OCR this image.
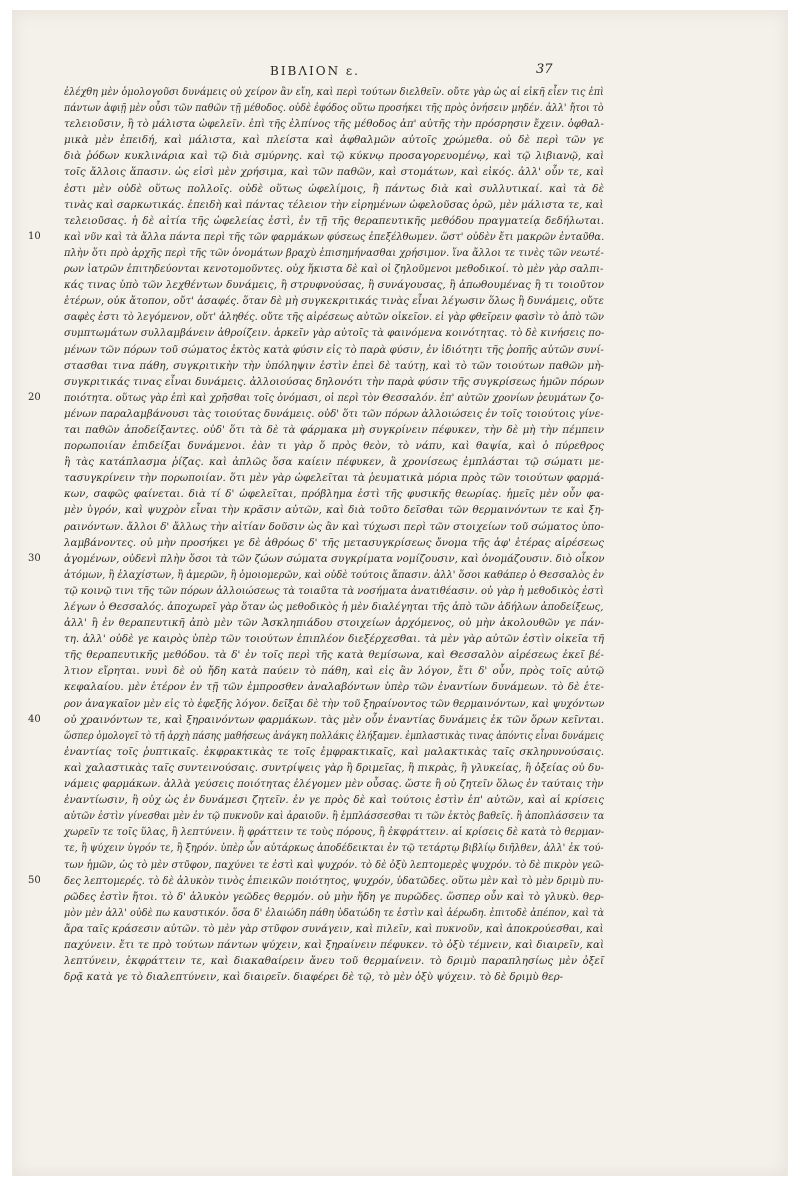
ΒΙΒΛΙΟΝ ε.	37
ἐλέχθη μὲν ὁμολογοῦσι δυνάμεις οὐ χείρον ἂν εἴη, καὶ περὶ τούτων διελθεῖν. οὔτε γὰρ ὡς αἱ εἰκῆ εἶεν τις ἐπὶ
πάντων ἀφιῇ μὲν οὖσι τῶν παθῶν τῇ μέθοδος. οὐδὲ ἐφόδος οὕτω προσήκει τῆς πρὸς ὀνήσειν μηδέν. ἀλλ' ἤτοι τὸ
τελειοῦσιν, ἢ τὸ μάλιστα ὠφελεῖν. ἐπὶ τῆς ἐλπίνος τῆς μέθοδος ἀπ' αὐτῆς τὴν πρόσρησιν ἔχειν. ὀφθαλ-
μικὰ μὲν ἐπειδή, καὶ μάλιστα, καὶ πλείστα καὶ ἀφθαλμῶν αὐτοῖς χρώμεθα. οὐ δὲ περὶ τῶν γε
διὰ ῥόδων κυκλινάρια καὶ τῷ διὰ σμύρνης. καὶ τῷ κύκνῳ προσαγορευομένῳ, καὶ τῷ λιβιανῷ, καὶ
τοῖς ἄλλοις ἅπασιν. ὡς εἰσὶ μὲν χρήσιμα, καὶ τῶν παθῶν, καὶ στομάτων, καὶ εἰκός. ἀλλ' οὖν τε, καὶ
ἑστι μὲν οὐδὲ οὕτως πολλοῖς. οὐδὲ οὕτως ὠφελίμοις, ἢ πάντως διὰ καὶ συλλυτικαί. καὶ τὰ δὲ
τινὰς καὶ σαρκωτικάς. ἐπειδὴ καὶ πάντας τέλειον τὴν εἰρημένων ὠφελοῦσας ὁρῶ, μὲν μάλιστα τε, καὶ
τελειοῦσας. ἡ δὲ αἰτία τῆς ὠφελείας ἐστὶ, ἐν τῇ τῆς θεραπευτικῆς μεθόδου πραγματείᾳ δεδήλωται.
10	καὶ νῦν καὶ τὰ ἄλλα πάντα περὶ τῆς τῶν φαρμάκων φύσεως ἐπεξέλθωμεν. ὥστ' οὐδὲν ἔτι μακρῶν ἐνταῦθα.
πλὴν ὅτι πρὸ ἀρχῆς περὶ τῆς τῶν ὀνομάτων βραχὺ ἐπισημήνασθαι χρήσιμον. ἵνα ἄλλοι τε τινὲς τῶν νεωτέ-
ρων ἰατρῶν ἐπιτηδεύονται κενοτομοῦντες. οὐχ ἥκιστα δὲ καὶ οἱ ζηλοῦμενοι μεθοδικοί. τὸ μὲν γὰρ σαλπι-
κάς τινας ὑπὸ τῶν λεχθέντων δυνάμεις, ἢ στρυφνούσας, ἢ συνάγουσας, ἢ ἀπωθουμένας ἢ τι τοιοῦτον
ἑτέρων, οὐκ ἄτοπον, οὔτ' ἀσαφές. ὅταν δὲ μὴ συγκεκριτικάς τινὰς εἶναι λέγωσιν ὅλως ἢ δυνάμεις, οὔτε
σαφὲς ἐστι τὸ λεγόμενον, οὔτ' ἀληθές. οὔτε τῆς αἱρέσεως αὐτῶν οἰκεῖον. εἰ γὰρ φθεῖρειν φασὶν τὸ ἀπὸ τῶν
συμπτωμάτων συλλαμβάνειν ἀθροίζειν. ἀρκεῖν γὰρ αὐτοῖς τὰ φαινόμενα κοινότητας. τὸ δὲ κινήσεις πο-
μένων τῶν πόρων τοῦ σώματος ἐκτὸς κατὰ φύσιν εἰς τὸ παρὰ φύσιν, ἐν ἰδιότητι τῆς ῥοπῆς αὐτῶν συνί-
στασθαι τινα πάθη, συγκριτικὴν τὴν ὑπόληψιν ἐστὶν ἐπεὶ δὲ ταύτῃ, καὶ τὸ τῶν τοιούτων παθῶν μὴ-
συγκριτικάς τινας εἶναι δυνάμεις. ἀλλοιούσας δηλονότι τὴν παρὰ φύσιν τῆς συγκρίσεως ἡμῶν πόρων
20	ποιότητα. οὕτως γὰρ ἐπὶ καὶ χρῆσθαι τοῖς ὀνόμασι, οἱ περὶ τὸν Θεσσαλόν. ἐπ' αὐτῶν χρονίων ῥευμάτων ζο-
μένων παραλαμβάνουσι τὰς τοιούτας δυνάμεις. οὐδ' ὅτι τῶν πόρων ἀλλοιώσεις ἐν τοῖς τοιούτοις γίνε-
ται παθῶν ἀποδείξαντες. οὐδ' ὅτι τὰ δὲ τὰ φάρμακα μὴ συγκρίνειν πέφυκεν, τὴν δὲ μὴ τὴν πέμπειν
πορωποιίαν ἐπιδείξαι δυνάμενοι. ἐὰν τι γὰρ ὅ πρὸς θεὸν, τὸ νάπυ, καὶ θαψία, καὶ ὁ πύρεθρος
ἢ τὰς κατάπλασμα ῥίζας. καὶ ἀπλῶς ὅσα καίειν πέφυκεν, ἃ χρονίσεως ἐμπλάσται τῷ σώματι με-
τασυγκρίνειν τὴν πορωποιίαν. ὅτι μὲν γὰρ ὠφελεῖται τὰ ῥευματικὰ μόρια πρὸς τῶν τοιούτων φαρμά-
κων, σαφῶς φαίνεται. διὰ τί δ' ὠφελεῖται, πρόβλημα ἐστὶ τῆς φυσικῆς θεωρίας. ἡμεῖς μὲν οὖν φα-
μὲν ὑγρόν, καὶ ψυχρὸν εἶναι τὴν κρᾶσιν αὐτῶν, καὶ διὰ τοῦτο δεῖσθαι τῶν θερμαινόντων τε καὶ ξη-
ραινόντων. ἄλλοι δ' ἄλλως τὴν αἰτίαν δοῦσιν ὡς ἂν καὶ τύχωσι περὶ τῶν στοιχείων τοῦ σώματος ὑπο-
λαμβάνοντες. οὐ μὴν προσήκει γε δὲ ἀθρόως δ' τῆς μετασυγκρίσεως ὄνομα τῆς ἀφ' ἑτέρας αἱρέσεως
30	ἀγομένων, οὐδενὶ πλὴν ὅσοι τὰ τῶν ζώων σώματα συγκρίματα νομίζουσιν, καὶ ὀνομάζουσιν. διὸ οἶκον
ἀτόμων, ἢ ἐλαχίστων, ἢ ἀμερῶν, ἢ ὁμοιομερῶν, καὶ οὐδὲ τούτοις ἅπασιν. ἀλλ' ὅσοι καθάπερ ὁ Θεσσαλὸς ἐν
τῷ κοινῷ τινι τῆς τῶν πόρων ἀλλοιώσεως τὰ τοιαῦτα τὰ νοσήματα ἀνατιθέασιν. οὐ γὰρ ἡ μεθοδικὸς ἐστὶ
λέγων ὁ Θεσσαλός. ἀποχωρεῖ γὰρ ὅταν ὡς μεθοδικὸς ἡ μὲν διαλέγηται τῆς ἀπὸ τῶν ἀδήλων ἀποδείξεως,
ἀλλ' ἢ ἐν θεραπευτικῆ ἀπὸ μὲν τῶν Ἀσκληπιάδου στοιχείων ἀρχόμενος, οὐ μὴν ἀκολουθῶν γε πάν-
τη. ἀλλ' οὐδὲ γε καιρὸς ὑπὲρ τῶν τοιούτων ἐπιπλέον διεξέρχεσθαι. τὰ μὲν γὰρ αὐτῶν ἐστὶν οἰκεῖα τῆ
τῆς θεραπευτικῆς μεθόδου. τὰ δ' ἐν τοῖς περὶ τῆς κατὰ θεμίσωνα, καὶ Θεσσαλὸν αἱρέσεως ἐκεῖ βέ-
λτιον εἴρηται. νυνὶ δὲ οὐ ἤδη κατὰ παύειν τὸ πάθη, καὶ εἰς ἂν λόγον, ἔτι δ' οὖν, πρὸς τοῖς αὐτῷ
κεφαλαίου. μὲν ἑτέρον ἐν τῇ τῶν ἐμπροσθεν ἀναλαβόντων ὑπὲρ τῶν ἐναντίων δυνάμεων. τὸ δὲ ἑτε-
ρον ἀναγκαῖον μὲν εἰς τὸ ἐφεξῆς λόγον. δεῖξαι δὲ τὴν τοῦ ξηραίνοντος τῶν θερμαινόντων, καὶ ψυχόντων
40	οὐ χραινόντων τε, καὶ ξηραινόντων φαρμάκων. τὰς μὲν οὖν ἐναντίας δυνάμεις ἐκ τῶν ὅρων κεῖνται.
ὥσπερ ὁμολογεῖ τὸ τῆ ἀρχὴ πάσης μαθήσεως ἀνάγκη πολλάκις ἐλήξαμεν. ἐμπλαστικὰς τινας ἀπόντις εἶναι δυνάμεις
ἐναντίας τοῖς ῥυπτικαῖς. ἐκφρακτικὰς τε τοῖς ἐμφρακτικαῖς, καὶ μαλακτικὰς ταῖς σκληρυνούσαις.
καὶ χαλαστικὰς ταῖς συντεινούσαις. συντρίψεις γὰρ ἢ δριμεῖας, ἢ πικρὰς, ἢ γλυκείας, ἢ ὀξείας οὐ δυ-
νάμεις φαρμάκων. ἀλλὰ γεύσεις ποιότητας ἐλέγομεν μὲν οὖσας. ὥστε ἢ οὐ ζητεῖν ὅλως ἐν ταύταις τὴν
ἐναντίωσιν, ἢ οὐχ ὡς ἐν δυνάμεσι ζητεῖν. ἐν γε πρὸς δὲ καὶ τούτοις ἐστὶν ἐπ' αὐτῶν, καὶ αἱ κρίσεις
αὐτῶν ἐστὶν γίνεσθαι μὲν ἐν τῷ πυκνοῦν καὶ ἀραιοῦν. ἢ ἐμπλάσσεσθαι τι τῶν ἐκτὸς βαθεῖς. ἢ ἀποπλάσσειν τα
χωρεῖν τε τοῖς ὕλας, ἢ λεπτύνειν. ἢ φράττειν τε τοὺς πόρους, ἢ ἐκφράττειν. αἱ κρίσεις δὲ κατὰ τὸ θερμαν-
τε, ἢ ψύχειν ὑγρόν τε, ἢ ξηρόν. ὑπὲρ ὧν αὐτάρκως ἀποδέδεικται ἐν τῷ τετάρτῳ βιβλίῳ διῆλθεν, ἀλλ' ἐκ τού-
των ἡμῶν, ὡς τὸ μὲν στῦφον, παχύνει τε ἐστὶ καὶ ψυχρόν. τὸ δὲ ὀξὺ λεπτομερὲς ψυχρόν. τὸ δὲ πικρὸν γεῶ-
50	δες λεπτομερές. τὸ δὲ ἁλυκὸν τινὸς ἐπιεικῶν ποιότητος, ψυχρόν, ὑδατῶδες. οὕτω μὲν καὶ τὸ μὲν δριμὺ πυ-
ρῶδες ἐστὶν ἤτοι. τὸ δ' ἁλυκὸν γεῶδες θερμόν. οὐ μὴν ἤδη γε πυρῶδες. ὥσπερ οὖν καὶ τὸ γλυκὺ. θερ-
μὸν μὲν ἀλλ' οὐδὲ πω καυστικόν. ὅσα δ' ἐλαιώδη πάθη ὑδατώδη τε ἐστὶν καὶ ἀέρωδη. ἐπιτοδὲ ἀπέπον, καὶ τὰ
ἄρα ταῖς κράσεσιν αὐτῶν. τὸ μὲν γὰρ στῦφον συνάγειν, καὶ πιλεῖν, καὶ πυκνοῦν, καὶ ἀποκρούεσθαι, καὶ
παχύνειν. ἔτι τε πρὸ τούτων πάντων ψύχειν, καὶ ξηραίνειν πέφυκεν. τὸ ὀξὺ τέμνειν, καὶ διαιρεῖν, καὶ
λεπτύνειν, ἐκφράττειν τε, καὶ διακαθαίρειν ἄνευ τοῦ θερμαίνειν. τὸ δριμὺ παραπλησίως μὲν ὀξεῖ
δρᾷ κατὰ γε τὸ διαλεπτύνειν, καὶ διαιρεῖν. διαφέρει δὲ τῷ, τὸ μὲν ὀξὺ ψύχειν. τὸ δὲ δριμὺ θερ-
